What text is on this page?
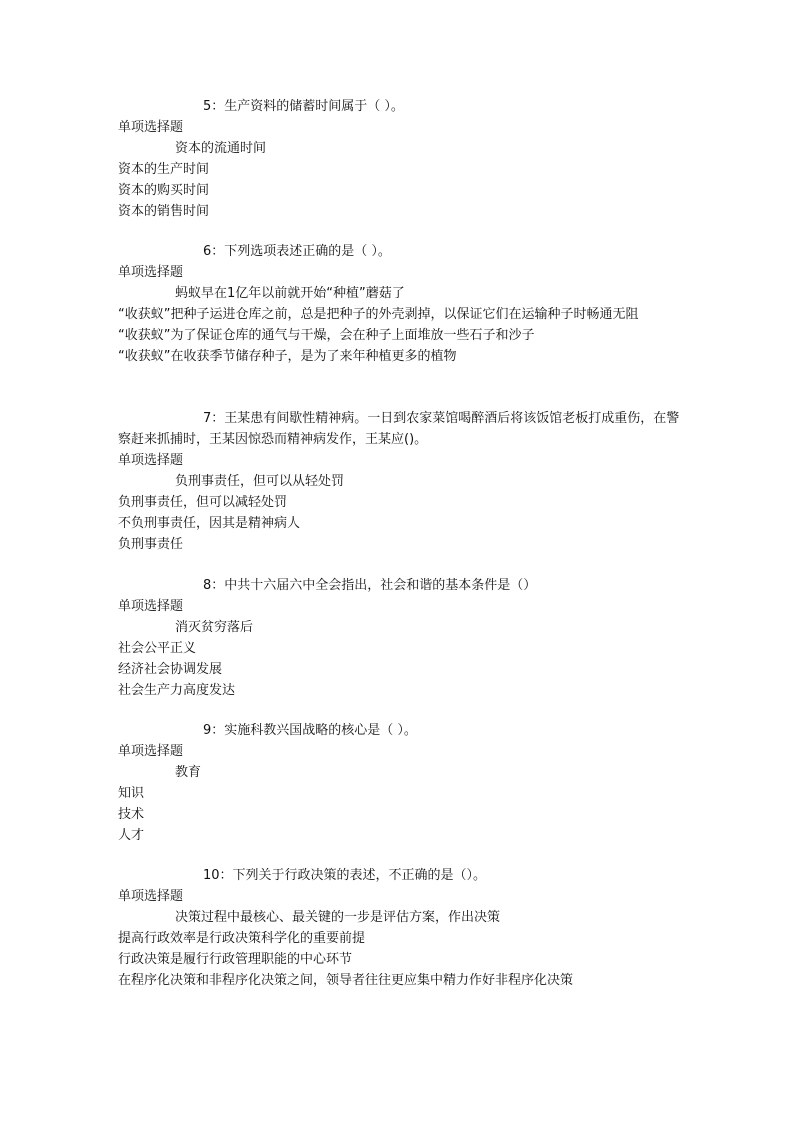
5：生产资料的储蓄时间属于（ ）。

单项选择题

资本的流通时间

资本的生产时间

资本的购买时间

资本的销售时间

6：下列选项表述正确的是（ ）。

单项选择题

蚂蚁早在1亿年以前就开始“种植”蘑菇了

“收获蚁”把种子运进仓库之前，总是把种子的外壳剥掉，以保证它们在运输种子时畅通无阻

“收获蚁”为了保证仓库的通气与干燥，会在种子上面堆放一些石子和沙子

“收获蚁”在收获季节储存种子，是为了来年种植更多的植物

7：王某患有间歇性精神病。一日到农家菜馆喝醉酒后将该饭馆老板打成重伤，在警察赶来抓捕时，王某因惊恐而精神病发作，王某应()。

单项选择题

负刑事责任，但可以从轻处罚

负刑事责任，但可以减轻处罚

不负刑事责任，因其是精神病人

负刑事责任

8：中共十六届六中全会指出，社会和谐的基本条件是（）

单项选择题

消灭贫穷落后

社会公平正义

经济社会协调发展

社会生产力高度发达

9：实施科教兴国战略的核心是（ ）。

单项选择题

教育

知识

技术

人才

10：下列关于行政决策的表述，不正确的是（）。

单项选择题

决策过程中最核心、最关键的一步是评估方案，作出决策

提高行政效率是行政决策科学化的重要前提

行政决策是履行行政管理职能的中心环节

在程序化决策和非程序化决策之间，领导者往往更应集中精力作好非程序化决策
